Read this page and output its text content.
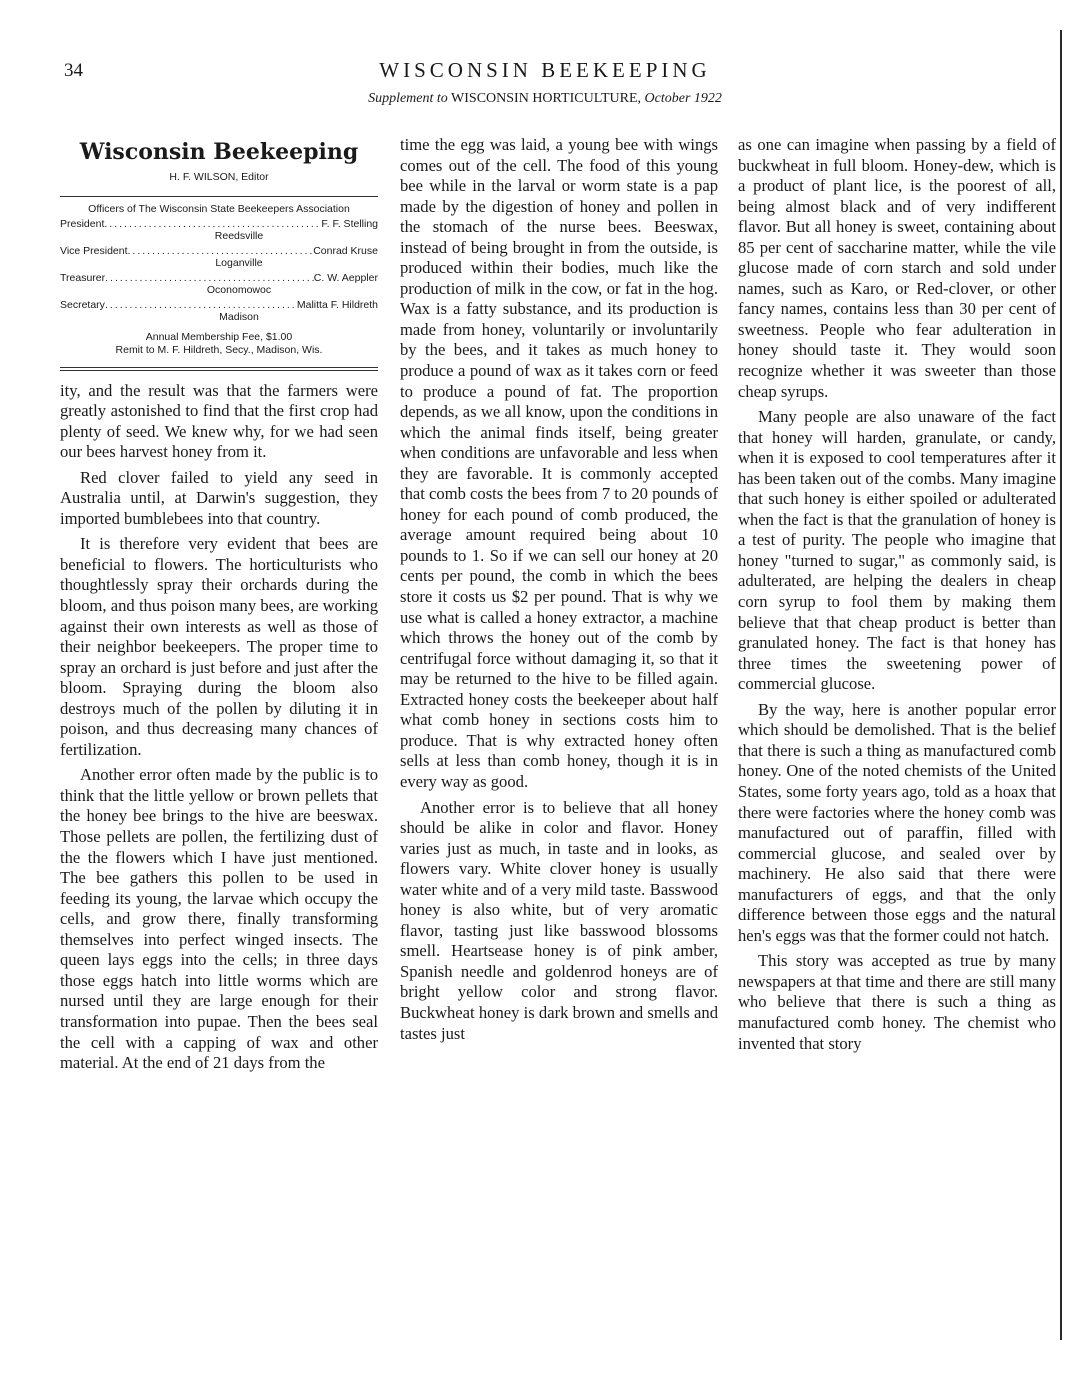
34	WISCONSIN BEEKEEPING
Supplement to WISCONSIN HORTICULTURE, October 1922
Wisconsin Beekeeping
H. F. WILSON, Editor
Officers of The Wisconsin State Beekeepers Association
President .....	F. F. Stelling
Reedsville
Vice President .....	Conrad Kruse
Loganville
Treasurer .....	C. W. Aeppler
Oconomowoc
Secretary .....	Malitta F. Hildreth
Madison
Annual Membership Fee, $1.00
Remit to M. F. Hildreth, Secy., Madison, Wis.

ity, and the result was that the farmers were greatly astonished to find that the first crop had plenty of seed. We knew why, for we had seen our bees harvest honey from it.

Red clover failed to yield any seed in Australia until, at Darwin's suggestion, they imported bumblebees into that country.

It is therefore very evident that bees are beneficial to flowers. The horticulturists who thoughtlessly spray their orchards during the bloom, and thus poison many bees, are working against their own interests as well as those of their neighbor beekeepers. The proper time to spray an orchard is just before and just after the bloom. Spraying during the bloom also destroys much of the pollen by diluting it in poison, and thus decreasing many chances of fertilization.

Another error often made by the public is to think that the little yellow or brown pellets that the honey bee brings to the hive are beeswax. Those pellets are pollen, the fertilizing dust of the the flowers which I have just mentioned. The bee gathers this pollen to be used in feeding its young, the larvae which occupy the cells, and grow there, finally transforming themselves into perfect winged insects. The queen lays eggs into the cells; in three days those eggs hatch into little worms which are nursed until they are large enough for their transformation into pupae. Then the bees seal the cell with a capping of wax and other material. At the end of 21 days from the

time the egg was laid, a young bee with wings comes out of the cell. The food of this young bee while in the larval or worm state is a pap made by the digestion of honey and pollen in the stomach of the nurse bees. Beeswax, instead of being brought in from the outside, is produced within their bodies, much like the production of milk in the cow, or fat in the hog. Wax is a fatty substance, and its production is made from honey, voluntarily or involuntarily by the bees, and it takes as much honey to produce a pound of wax as it takes corn or feed to produce a pound of fat. The proportion depends, as we all know, upon the conditions in which the animal finds itself, being greater when conditions are unfavorable and less when they are favorable. It is commonly accepted that comb costs the bees from 7 to 20 pounds of honey for each pound of comb produced, the average amount required being about 10 pounds to 1. So if we can sell our honey at 20 cents per pound, the comb in which the bees store it costs us $2 per pound. That is why we use what is called a honey extractor, a machine which throws the honey out of the comb by centrifugal force without damaging it, so that it may be returned to the hive to be filled again. Extracted honey costs the beekeeper about half what comb honey in sections costs him to produce. That is why extracted honey often sells at less than comb honey, though it is in every way as good.

Another error is to believe that all honey should be alike in color and flavor. Honey varies just as much, in taste and in looks, as flowers vary. White clover honey is usually water white and of a very mild taste. Basswood honey is also white, but of very aromatic flavor, tasting just like basswood blossoms smell. Heartsease honey is of pink amber, Spanish needle and goldenrod honeys are of bright yellow color and strong flavor. Buckwheat honey is dark brown and smells and tastes just

as one can imagine when passing by a field of buckwheat in full bloom. Honey-dew, which is a product of plant lice, is the poorest of all, being almost black and of very indifferent flavor. But all honey is sweet, containing about 85 per cent of saccharine matter, while the vile glucose made of corn starch and sold under names, such as Karo, or Red-clover, or other fancy names, contains less than 30 per cent of sweetness. People who fear adulteration in honey should taste it. They would soon recognize whether it was sweeter than those cheap syrups.

Many people are also unaware of the fact that honey will harden, granulate, or candy, when it is exposed to cool temperatures after it has been taken out of the combs. Many imagine that such honey is either spoiled or adulterated when the fact is that the granulation of honey is a test of purity. The people who imagine that honey "turned to sugar," as commonly said, is adulterated, are helping the dealers in cheap corn syrup to fool them by making them believe that that cheap product is better than granulated honey. The fact is that honey has three times the sweetening power of commercial glucose.

By the way, here is another popular error which should be demolished. That is the belief that there is such a thing as manufactured comb honey. One of the noted chemists of the United States, some forty years ago, told as a hoax that there were factories where the honey comb was manufactured out of paraffin, filled with commercial glucose, and sealed over by machinery. He also said that there were manufacturers of eggs, and that the only difference between those eggs and the natural hen's eggs was that the former could not hatch.

This story was accepted as true by many newspapers at that time and there are still many who believe that there is such a thing as manufactured comb honey. The chemist who invented that story
